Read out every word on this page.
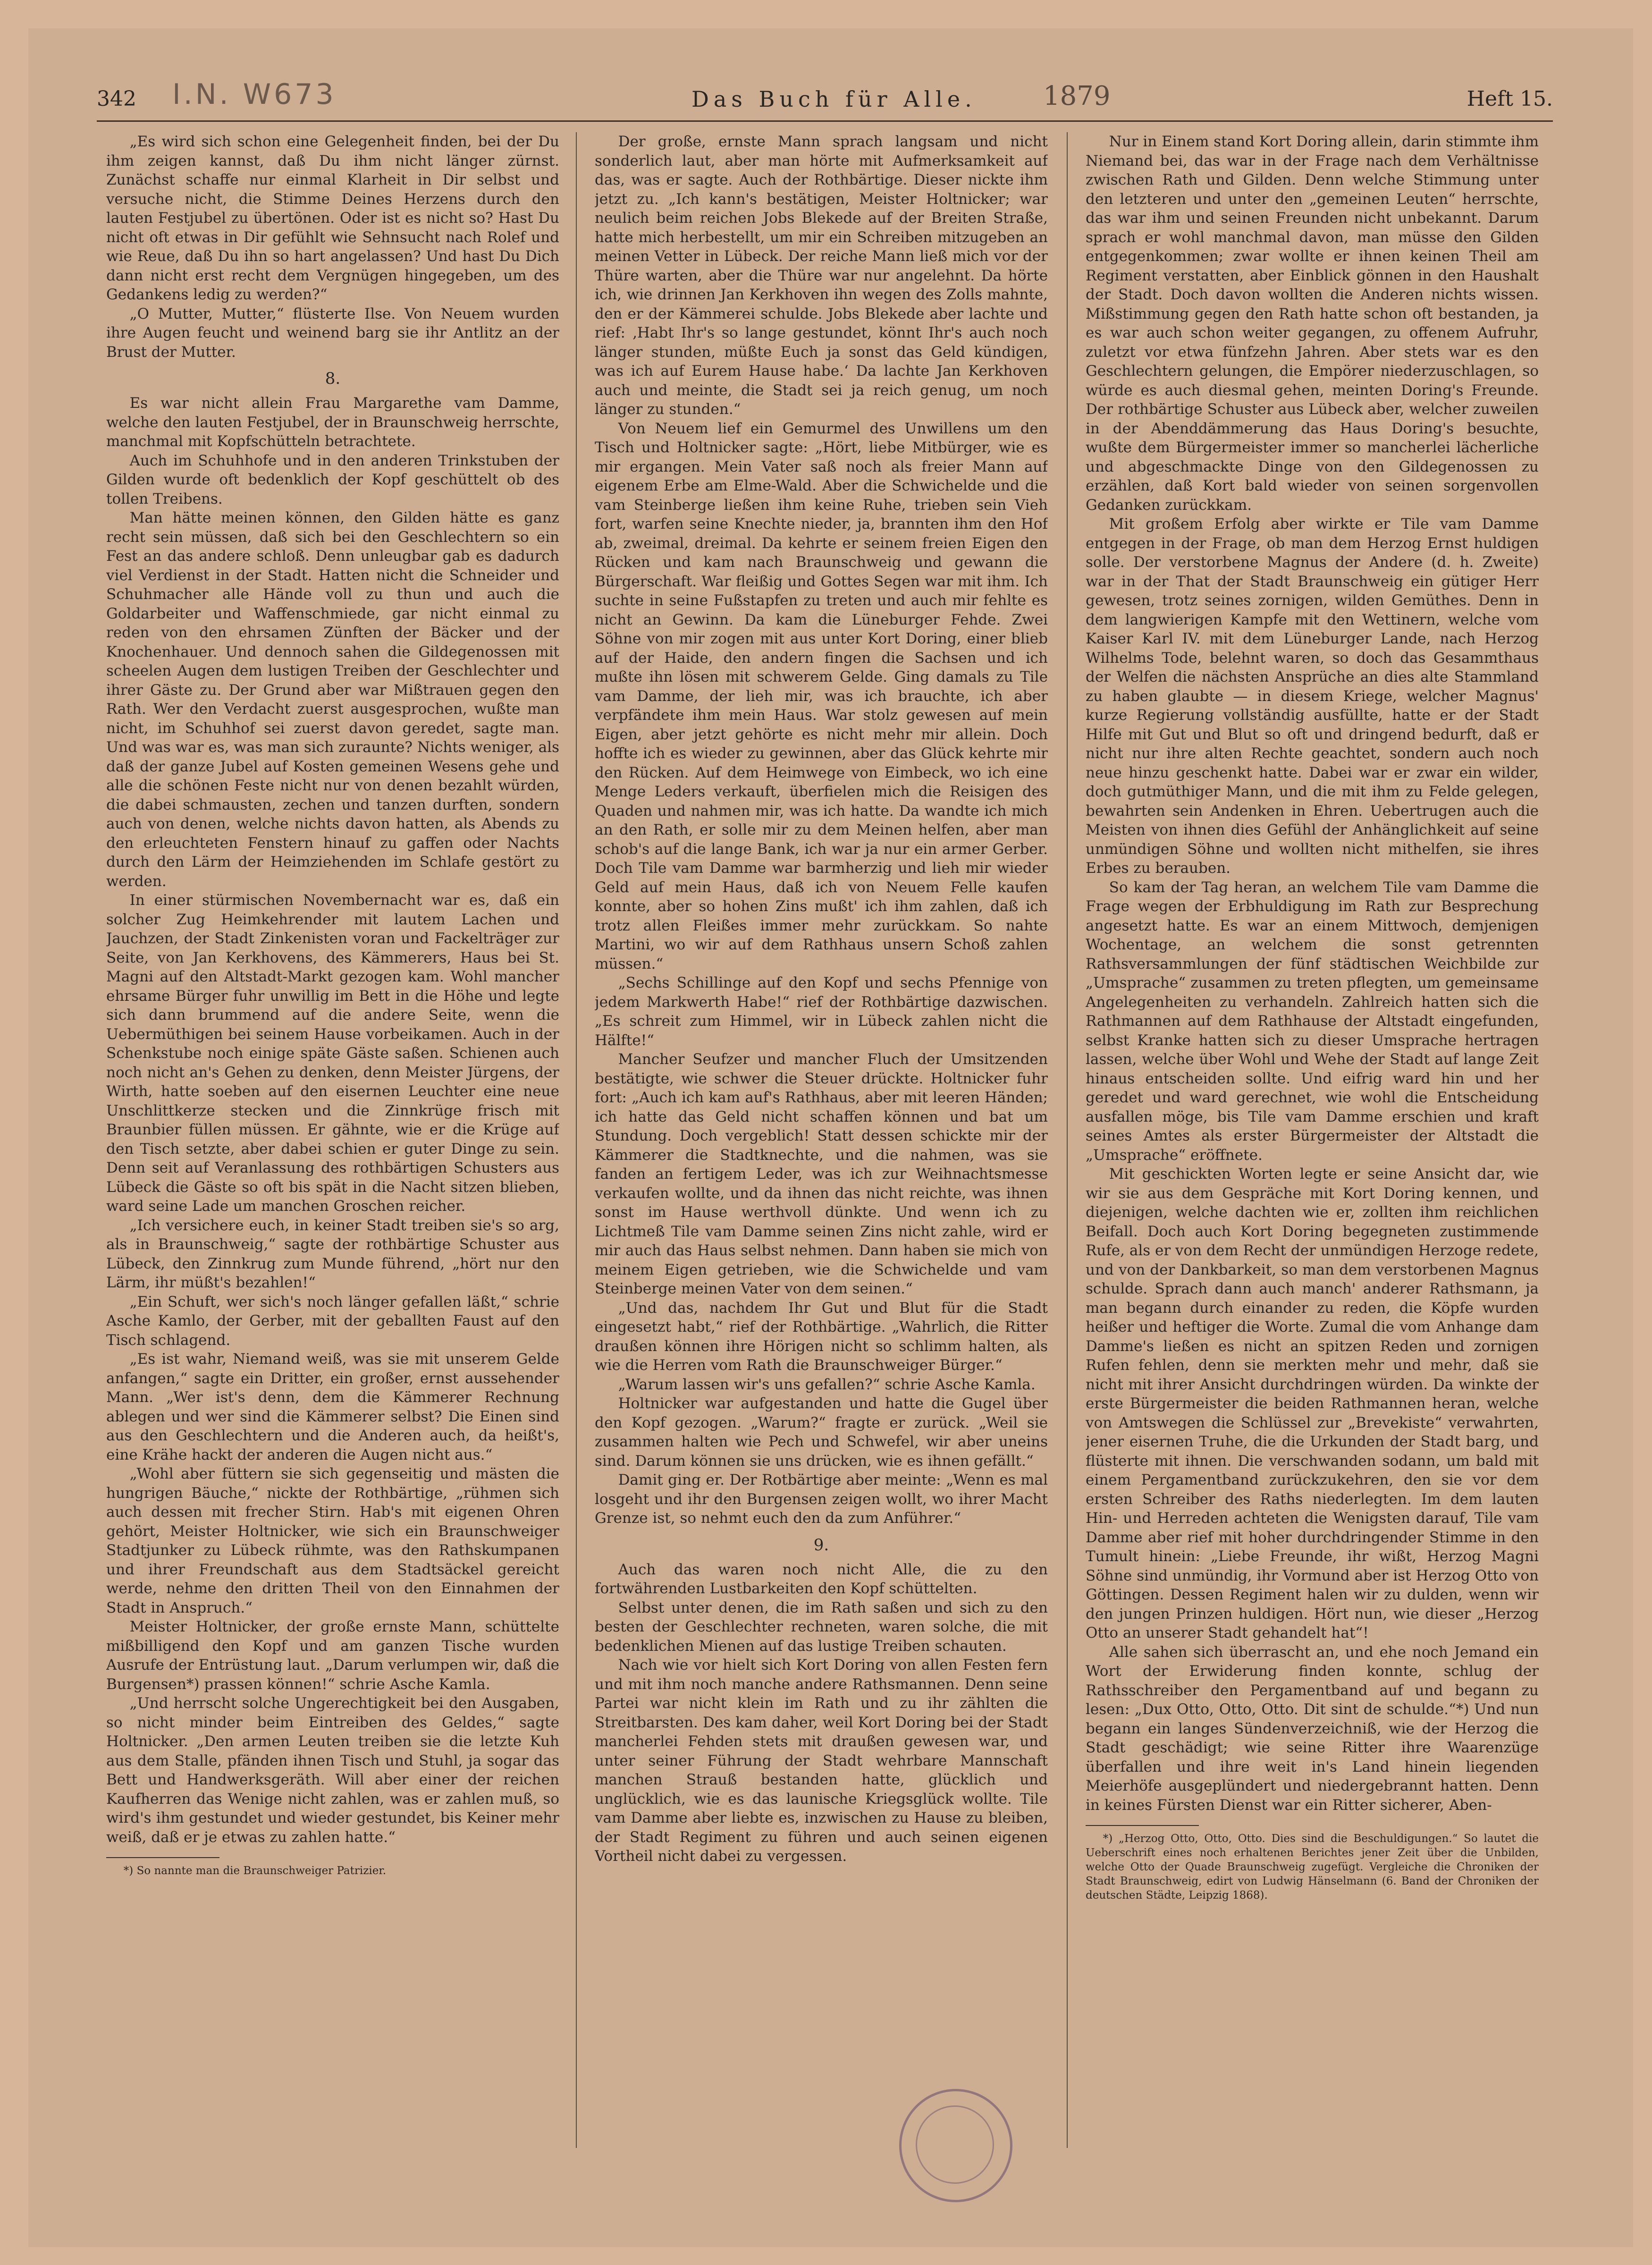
342 I.N. W673	Das Buch für Alle.	1879	Heft 15.

„Es wird sich schon eine Gelegenheit finden, bei der Du ihm zeigen kannst, daß Du ihm nicht länger zürnst. Zunächst schaffe nur einmal Klarheit in Dir selbst und versuche nicht, die Stimme Deines Herzens durch den lauten Festjubel zu übertönen. Oder ist es nicht so? Hast Du nicht oft etwas in Dir gefühlt wie Sehnsucht nach Rolef und wie Reue, daß Du ihn so hart angelassen? Und hast Du Dich dann nicht erst recht dem Vergnügen hingegeben, um des Gedankens ledig zu werden?“

„O Mutter, Mutter,“ flüsterte Ilse. Von Neuem wurden ihre Augen feucht und weinend barg sie ihr Antlitz an der Brust der Mutter.

8.

Es war nicht allein Frau Margarethe vam Damme, welche den lauten Festjubel, der in Braunschweig herrschte, manchmal mit Kopfschütteln betrachtete.

Auch im Schuhhofe und in den anderen Trinkstuben der Gilden wurde oft bedenklich der Kopf geschüttelt ob des tollen Treibens.

Man hätte meinen können, den Gilden hätte es ganz recht sein müssen, daß sich bei den Geschlechtern so ein Fest an das andere schloß. Denn unleugbar gab es dadurch viel Verdienst in der Stadt. Hatten nicht die Schneider und Schuhmacher alle Hände voll zu thun und auch die Goldarbeiter und Waffenschmiede, gar nicht einmal zu reden von den ehrsamen Zünften der Bäcker und der Knochenhauer. Und dennoch sahen die Gildegenossen mit scheelen Augen dem lustigen Treiben der Geschlechter und ihrer Gäste zu. Der Grund aber war Mißtrauen gegen den Rath. Wer den Verdacht zuerst ausgesprochen, wußte man nicht, im Schuhhof sei zuerst davon geredet, sagte man. Und was war es, was man sich zuraunte? Nichts weniger, als daß der ganze Jubel auf Kosten gemeinen Wesens gehe und alle die schönen Feste nicht nur von denen bezahlt würden, die dabei schmausten, zechen und tanzen durften, sondern auch von denen, welche nichts davon hatten, als Abends zu den erleuchteten Fenstern hinauf zu gaffen oder Nachts durch den Lärm der Heimziehenden im Schlafe gestört zu werden.

In einer stürmischen Novembernacht war es, daß ein solcher Zug Heimkehrender mit lautem Lachen und Jauchzen, der Stadt Zinkenisten voran und Fackelträger zur Seite, von Jan Kerkhovens, des Kämmerers, Haus bei St. Magni auf den Altstadt-Markt gezogen kam. Wohl mancher ehrsame Bürger fuhr unwillig im Bett in die Höhe und legte sich dann brummend auf die andere Seite, wenn die Uebermüthigen bei seinem Hause vorbeikamen. Auch in der Schenkstube noch einige späte Gäste saßen. Schienen auch noch nicht an's Gehen zu denken, denn Meister Jürgens, der Wirth, hatte soeben auf den eisernen Leuchter eine neue Unschlittkerze stecken und die Zinnkrüge frisch mit Braunbier füllen müssen. Er gähnte, wie er die Krüge auf den Tisch setzte, aber dabei schien er guter Dinge zu sein. Denn seit auf Veranlassung des rothbärtigen Schusters aus Lübeck die Gäste so oft bis spät in die Nacht sitzen blieben, ward seine Lade um manchen Groschen reicher.

„Ich versichere euch, in keiner Stadt treiben sie's so arg, als in Braunschweig,“ sagte der rothbärtige Schuster aus Lübeck, den Zinnkrug zum Munde führend, „hört nur den Lärm, ihr müßt's bezahlen!“

„Ein Schuft, wer sich's noch länger gefallen läßt,“ schrie Asche Kamlo, der Gerber, mit der geballten Faust auf den Tisch schlagend.

„Es ist wahr, Niemand weiß, was sie mit unserem Gelde anfangen,“ sagte ein Dritter, ein großer, ernst aussehender Mann. „Wer ist's denn, dem die Kämmerer Rechnung ablegen und wer sind die Kämmerer selbst? Die Einen sind aus den Geschlechtern und die Anderen auch, da heißt's, eine Krähe hackt der anderen die Augen nicht aus.“

„Wohl aber füttern sie sich gegenseitig und mästen die hungrigen Bäuche,“ nickte der Rothbärtige, „rühmen sich auch dessen mit frecher Stirn. Hab's mit eigenen Ohren gehört, Meister Holtnicker, wie sich ein Braunschweiger Stadtjunker zu Lübeck rühmte, was den Rathskumpanen und ihrer Freundschaft aus dem Stadtsäckel gereicht werde, nehme den dritten Theil von den Einnahmen der Stadt in Anspruch.“

Meister Holtnicker, der große ernste Mann, schüttelte mißbilligend den Kopf und am ganzen Tische wurden Ausrufe der Entrüstung laut. „Darum verlumpen wir, daß die Burgensen*) prassen können!“ schrie Asche Kamla.

„Und herrscht solche Ungerechtigkeit bei den Ausgaben, so nicht minder beim Eintreiben des Geldes,“ sagte Holtnicker. „Den armen Leuten treiben sie die letzte Kuh aus dem Stalle, pfänden ihnen Tisch und Stuhl, ja sogar das Bett und Handwerksgeräth. Will aber einer der reichen Kaufherren das Wenige nicht zahlen, was er zahlen muß, so wird's ihm gestundet und wieder gestundet, bis Keiner mehr weiß, daß er je etwas zu zahlen hatte.“

*) So nannte man die Braunschweiger Patrizier.

Der große, ernste Mann sprach langsam und nicht sonderlich laut, aber man hörte mit Aufmerksamkeit auf das, was er sagte. Auch der Rothbärtige. Dieser nickte ihm jetzt zu. „Ich kann's bestätigen, Meister Holtnicker; war neulich beim reichen Jobs Blekede auf der Breiten Straße, hatte mich herbestellt, um mir ein Schreiben mitzugeben an meinen Vetter in Lübeck. Der reiche Mann ließ mich vor der Thüre warten, aber die Thüre war nur angelehnt. Da hörte ich, wie drinnen Jan Kerkhoven ihn wegen des Zolls mahnte, den er der Kämmerei schulde. Jobs Blekede aber lachte und rief: ‚Habt Ihr's so lange gestundet, könnt Ihr's auch noch länger stunden, müßte Euch ja sonst das Geld kündigen, was ich auf Eurem Hause habe.‘ Da lachte Jan Kerkhoven auch und meinte, die Stadt sei ja reich genug, um noch länger zu stunden.“

Von Neuem lief ein Gemurmel des Unwillens um den Tisch und Holtnicker sagte: „Hört, liebe Mitbürger, wie es mir ergangen. Mein Vater saß noch als freier Mann auf eigenem Erbe am Elme-Wald. Aber die Schwichelde und die vam Steinberge ließen ihm keine Ruhe, trieben sein Vieh fort, warfen seine Knechte nieder, ja, brannten ihm den Hof ab, zweimal, dreimal. Da kehrte er seinem freien Eigen den Rücken und kam nach Braunschweig und gewann die Bürgerschaft. War fleißig und Gottes Segen war mit ihm. Ich suchte in seine Fußstapfen zu treten und auch mir fehlte es nicht an Gewinn. Da kam die Lüneburger Fehde. Zwei Söhne von mir zogen mit aus unter Kort Doring, einer blieb auf der Haide, den andern fingen die Sachsen und ich mußte ihn lösen mit schwerem Gelde. Ging damals zu Tile vam Damme, der lieh mir, was ich brauchte, ich aber verpfändete ihm mein Haus. War stolz gewesen auf mein Eigen, aber jetzt gehörte es nicht mehr mir allein. Doch hoffte ich es wieder zu gewinnen, aber das Glück kehrte mir den Rücken. Auf dem Heimwege von Eimbeck, wo ich eine Menge Leders verkauft, überfielen mich die Reisigen des Quaden und nahmen mir, was ich hatte. Da wandte ich mich an den Rath, er solle mir zu dem Meinen helfen, aber man schob's auf die lange Bank, ich war ja nur ein armer Gerber. Doch Tile vam Damme war barmherzig und lieh mir wieder Geld auf mein Haus, daß ich von Neuem Felle kaufen konnte, aber so hohen Zins mußt' ich ihm zahlen, daß ich trotz allen Fleißes immer mehr zurückkam. So nahte Martini, wo wir auf dem Rathhaus unsern Schoß zahlen müssen.“

„Sechs Schillinge auf den Kopf und sechs Pfennige von jedem Markwerth Habe!“ rief der Rothbärtige dazwischen. „Es schreit zum Himmel, wir in Lübeck zahlen nicht die Hälfte!“

Mancher Seufzer und mancher Fluch der Umsitzenden bestätigte, wie schwer die Steuer drückte. Holtnicker fuhr fort: „Auch ich kam auf's Rathhaus, aber mit leeren Händen; ich hatte das Geld nicht schaffen können und bat um Stundung. Doch vergeblich! Statt dessen schickte mir der Kämmerer die Stadtknechte, und die nahmen, was sie fanden an fertigem Leder, was ich zur Weihnachtsmesse verkaufen wollte, und da ihnen das nicht reichte, was ihnen sonst im Hause werthvoll dünkte. Und wenn ich zu Lichtmeß Tile vam Damme seinen Zins nicht zahle, wird er mir auch das Haus selbst nehmen. Dann haben sie mich von meinem Eigen getrieben, wie die Schwichelde und vam Steinberge meinen Vater von dem seinen.“

„Und das, nachdem Ihr Gut und Blut für die Stadt eingesetzt habt,“ rief der Rothbärtige. „Wahrlich, die Ritter draußen können ihre Hörigen nicht so schlimm halten, als wie die Herren vom Rath die Braunschweiger Bürger.“

„Warum lassen wir's uns gefallen?“ schrie Asche Kamla.

Holtnicker war aufgestanden und hatte die Gugel über den Kopf gezogen. „Warum?“ fragte er zurück. „Weil sie zusammen halten wie Pech und Schwefel, wir aber uneins sind. Darum können sie uns drücken, wie es ihnen gefällt.“

Damit ging er. Der Rotbärtige aber meinte: „Wenn es mal losgeht und ihr den Burgensen zeigen wollt, wo ihrer Macht Grenze ist, so nehmt euch den da zum Anführer.“

9.

Auch das waren noch nicht Alle, die zu den fortwährenden Lustbarkeiten den Kopf schüttelten.

Selbst unter denen, die im Rath saßen und sich zu den besten der Geschlechter rechneten, waren solche, die mit bedenklichen Mienen auf das lustige Treiben schauten.

Nach wie vor hielt sich Kort Doring von allen Festen fern und mit ihm noch manche andere Rathsmannen. Denn seine Partei war nicht klein im Rath und zu ihr zählten die Streitbarsten. Des kam daher, weil Kort Doring bei der Stadt mancherlei Fehden stets mit draußen gewesen war, und unter seiner Führung der Stadt wehrbare Mannschaft manchen Strauß bestanden hatte, glücklich und unglücklich, wie es das launische Kriegsglück wollte. Tile vam Damme aber liebte es, inzwischen zu Hause zu bleiben, der Stadt Regiment zu führen und auch seinen eigenen Vortheil nicht dabei zu vergessen.

Nur in Einem stand Kort Doring allein, darin stimmte ihm Niemand bei, das war in der Frage nach dem Verhältnisse zwischen Rath und Gilden. Denn welche Stimmung unter den letzteren und unter den „gemeinen Leuten“ herrschte, das war ihm und seinen Freunden nicht unbekannt. Darum sprach er wohl manchmal davon, man müsse den Gilden entgegenkommen; zwar wollte er ihnen keinen Theil am Regiment verstatten, aber Einblick gönnen in den Haushalt der Stadt. Doch davon wollten die Anderen nichts wissen. Mißstimmung gegen den Rath hatte schon oft bestanden, ja es war auch schon weiter gegangen, zu offenem Aufruhr, zuletzt vor etwa fünfzehn Jahren. Aber stets war es den Geschlechtern gelungen, die Empörer niederzuschlagen, so würde es auch diesmal gehen, meinten Doring's Freunde. Der rothbärtige Schuster aus Lübeck aber, welcher zuweilen in der Abenddämmerung das Haus Doring's besuchte, wußte dem Bürgermeister immer so mancherlei lächerliche und abgeschmackte Dinge von den Gildegenossen zu erzählen, daß Kort bald wieder von seinen sorgenvollen Gedanken zurückkam.

Mit großem Erfolg aber wirkte er Tile vam Damme entgegen in der Frage, ob man dem Herzog Ernst huldigen solle. Der verstorbene Magnus der Andere (d. h. Zweite) war in der That der Stadt Braunschweig ein gütiger Herr gewesen, trotz seines zornigen, wilden Gemüthes. Denn in dem langwierigen Kampfe mit den Wettinern, welche vom Kaiser Karl IV. mit dem Lüneburger Lande, nach Herzog Wilhelms Tode, belehnt waren, so doch das Gesammthaus der Welfen die nächsten Ansprüche an dies alte Stammland zu haben glaubte — in diesem Kriege, welcher Magnus' kurze Regierung vollständig ausfüllte, hatte er der Stadt Hilfe mit Gut und Blut so oft und dringend bedurft, daß er nicht nur ihre alten Rechte geachtet, sondern auch noch neue hinzu geschenkt hatte. Dabei war er zwar ein wilder, doch gutmüthiger Mann, und die mit ihm zu Felde gelegen, bewahrten sein Andenken in Ehren. Uebertrugen auch die Meisten von ihnen dies Gefühl der Anhänglichkeit auf seine unmündigen Söhne und wollten nicht mithelfen, sie ihres Erbes zu berauben.

So kam der Tag heran, an welchem Tile vam Damme die Frage wegen der Erbhuldigung im Rath zur Besprechung angesetzt hatte. Es war an einem Mittwoch, demjenigen Wochentage, an welchem die sonst getrennten Rathsversammlungen der fünf städtischen Weichbilde zur „Umsprache“ zusammen zu treten pflegten, um gemeinsame Angelegenheiten zu verhandeln. Zahlreich hatten sich die Rathmannen auf dem Rathhause der Altstadt eingefunden, selbst Kranke hatten sich zu dieser Umsprache hertragen lassen, welche über Wohl und Wehe der Stadt auf lange Zeit hinaus entscheiden sollte. Und eifrig ward hin und her geredet und ward gerechnet, wie wohl die Entscheidung ausfallen möge, bis Tile vam Damme erschien und kraft seines Amtes als erster Bürgermeister der Altstadt die „Umsprache“ eröffnete.

Mit geschickten Worten legte er seine Ansicht dar, wie wir sie aus dem Gespräche mit Kort Doring kennen, und diejenigen, welche dachten wie er, zollten ihm reichlichen Beifall. Doch auch Kort Doring begegneten zustimmende Rufe, als er von dem Recht der unmündigen Herzoge redete, und von der Dankbarkeit, so man dem verstorbenen Magnus schulde. Sprach dann auch manch' anderer Rathsmann, ja man begann durch einander zu reden, die Köpfe wurden heißer und heftiger die Worte. Zumal die vom Anhange dam Damme's ließen es nicht an spitzen Reden und zornigen Rufen fehlen, denn sie merkten mehr und mehr, daß sie nicht mit ihrer Ansicht durchdringen würden. Da winkte der erste Bürgermeister die beiden Rathmannen heran, welche von Amtswegen die Schlüssel zur „Brevekiste“ verwahrten, jener eisernen Truhe, die die Urkunden der Stadt barg, und flüsterte mit ihnen. Die verschwanden sodann, um bald mit einem Pergamentband zurückzukehren, den sie vor dem ersten Schreiber des Raths niederlegten. Im dem lauten Hin- und Herreden achteten die Wenigsten darauf, Tile vam Damme aber rief mit hoher durchdringender Stimme in den Tumult hinein: „Liebe Freunde, ihr wißt, Herzog Magni Söhne sind unmündig, ihr Vormund aber ist Herzog Otto von Göttingen. Dessen Regiment halen wir zu dulden, wenn wir den jungen Prinzen huldigen. Hört nun, wie dieser „Herzog Otto an unserer Stadt gehandelt hat“!

Alle sahen sich überrascht an, und ehe noch Jemand ein Wort der Erwiderung finden konnte, schlug der Rathsschreiber den Pergamentband auf und begann zu lesen: „Dux Otto, Otto, Otto. Dit sint de schulde.“*) Und nun begann ein langes Sündenverzeichniß, wie der Herzog die Stadt geschädigt; wie seine Ritter ihre Waarenzüge überfallen und ihre weit in's Land hinein liegenden Meierhöfe ausgeplündert und niedergebrannt hatten. Denn in keines Fürsten Dienst war ein Ritter sicherer, Aben-

*) „Herzog Otto, Otto, Otto. Dies sind die Beschuldigungen.“ So lautet die Ueberschrift eines noch erhaltenen Berichtes jener Zeit über die Unbilden, welche Otto der Quade Braunschweig zugefügt. Vergleiche die Chroniken der Stadt Braunschweig, edirt von Ludwig Hänselmann (6. Band der Chroniken der deutschen Städte, Leipzig 1868).
